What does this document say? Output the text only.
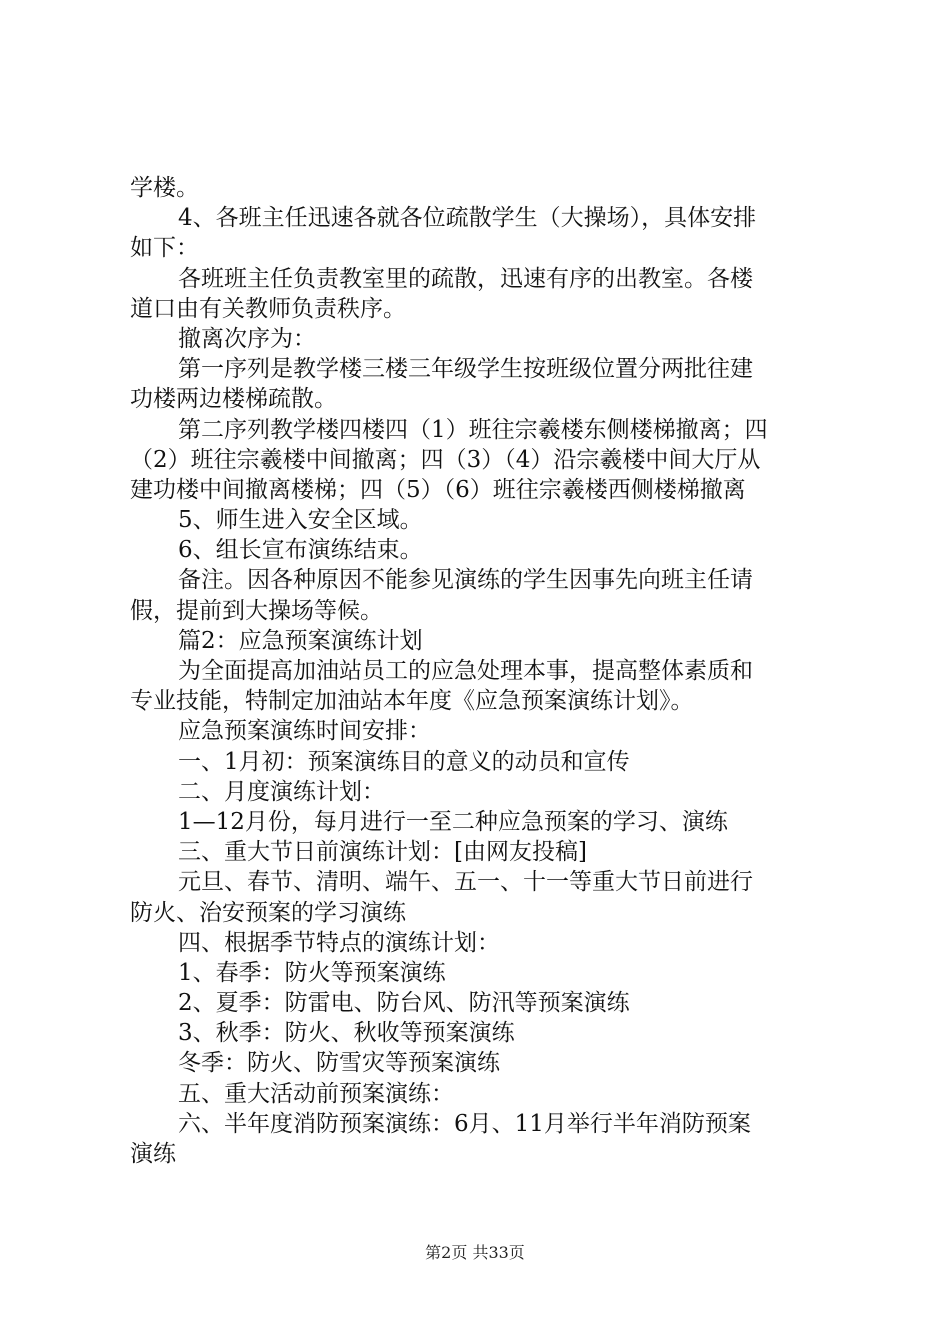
学楼。
4、各班主任迅速各就各位疏散学生（大操场），具体安排
如下：
各班班主任负责教室里的疏散，迅速有序的出教室。各楼
道口由有关教师负责秩序。
撤离次序为：
第一序列是教学楼三楼三年级学生按班级位置分两批往建
功楼两边楼梯疏散。
第二序列教学楼四楼四（1）班往宗羲楼东侧楼梯撤离；四
（2）班往宗羲楼中间撤离；四（3）（4）沿宗羲楼中间大厅从
建功楼中间撤离楼梯；四（5）（6）班往宗羲楼西侧楼梯撤离
5、师生进入安全区域。
6、组长宣布演练结束。
备注。因各种原因不能参见演练的学生因事先向班主任请
假，提前到大操场等候。
篇2：应急预案演练计划
为全面提高加油站员工的应急处理本事，提高整体素质和
专业技能，特制定加油站本年度《应急预案演练计划》。
应急预案演练时间安排：
一、1月初：预案演练目的意义的动员和宣传
二、月度演练计划：
1—12月份，每月进行一至二种应急预案的学习、演练
三、重大节日前演练计划：[由网友投稿]
元旦、春节、清明、端午、五一、十一等重大节日前进行
防火、治安预案的学习演练
四、根据季节特点的演练计划：
1、春季：防火等预案演练
2、夏季：防雷电、防台风、防汛等预案演练
3、秋季：防火、秋收等预案演练
冬季：防火、防雪灾等预案演练
五、重大活动前预案演练：
六、半年度消防预案演练：6月、11月举行半年消防预案
演练
第2页 共33页
